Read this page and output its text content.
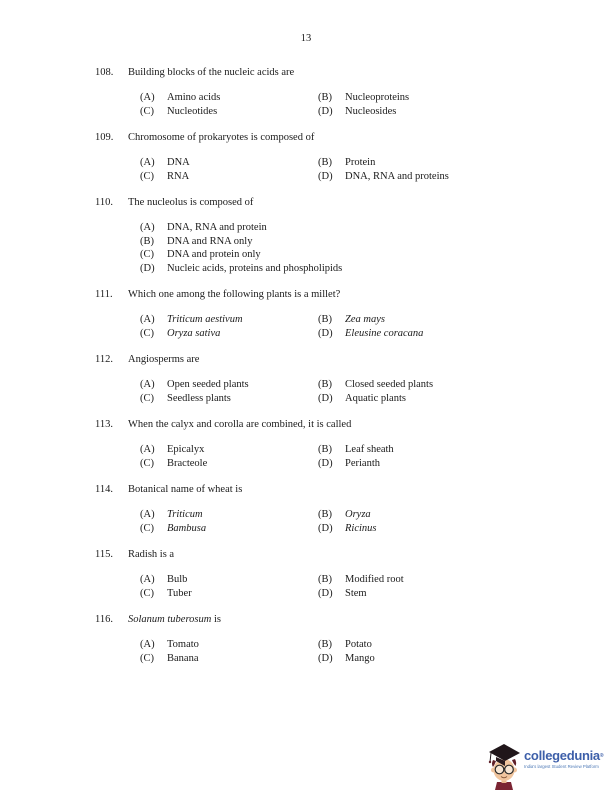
13
108. Building blocks of the nucleic acids are
(A)	Amino acids	(B)	Nucleoproteins
(C)	Nucleotides	(D)	Nucleosides
109. Chromosome of prokaryotes is composed of
(A)	DNA	(B)	Protein
(C)	RNA	(D)	DNA, RNA and proteins
110. The nucleolus is composed of
(A)	DNA, RNA and protein
(B)	DNA and RNA only
(C)	DNA and protein only
(D)	Nucleic acids, proteins and phospholipids
111. Which one among the following plants is a millet?
(A)	Triticum aestivum	(B)	Zea mays
(C)	Oryza sativa	(D)	Eleusine coracana
112. Angiosperms are
(A)	Open seeded plants	(B)	Closed seeded plants
(C)	Seedless plants	(D)	Aquatic plants
113. When the calyx and corolla are combined, it is called
(A)	Epicalyx	(B)	Leaf sheath
(C)	Bracteole	(D)	Perianth
114. Botanical name of wheat is
(A)	Triticum	(B)	Oryza
(C)	Bambusa	(D)	Ricinus
115. Radish is a
(A)	Bulb	(B)	Modified root
(C)	Tuber	(D)	Stem
116. Solanum tuberosum is
(A)	Tomato	(B)	Potato
(C)	Banana	(D)	Mango
collegedunia®
India's largest Student Review Platform
